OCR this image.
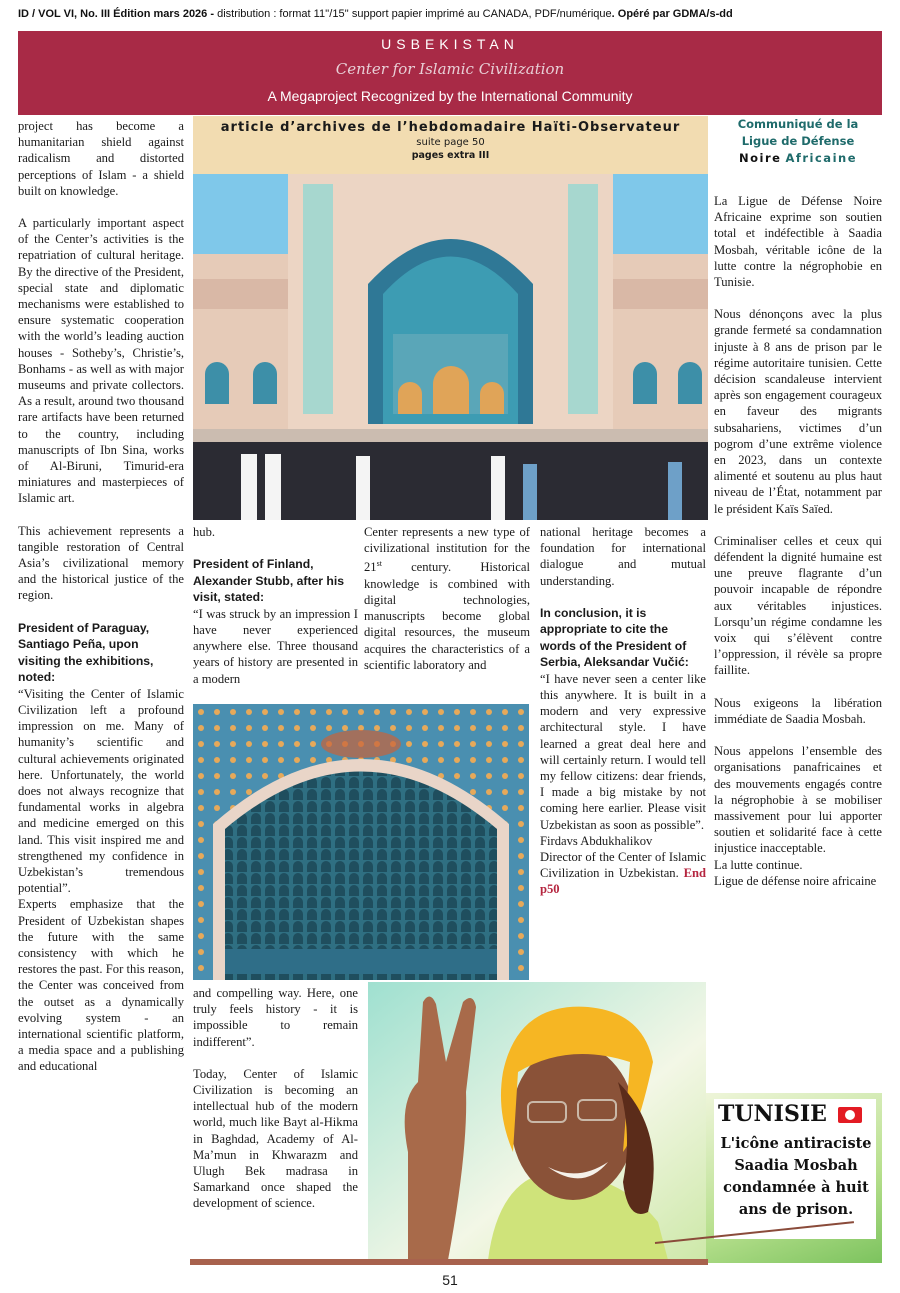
ID / VOL VI, No. III Édition mars 2026 - distribution : format 11''/15'' support papier imprimé au CANADA, PDF/numérique. Opéré par GDMA/s-dd
USBEKISTAN
Center for Islamic Civilization
A Megaproject Recognized by the International Community

project has become a humanitarian shield against radicalism and distorted perceptions of Islam - a shield built on knowledge.

A particularly important aspect of the Center’s activities is the repatriation of cultural heritage. By the directive of the President, special state and diplomatic mechanisms were established to ensure systematic cooperation with the world’s leading auction houses - Sotheby’s, Christie’s, Bonhams - as well as with major museums and private collectors. As a result, around two thousand rare artifacts have been returned to the country, including manuscripts of Ibn Sina, works of Al-Biruni, Timurid-era miniatures and masterpieces of Islamic art.

This achievement represents a tangible restoration of Central Asia’s civilizational memory and the historical justice of the region.

President of Paraguay, Santiago Peña, upon visiting the exhibitions, noted:

“Visiting the Center of Islamic Civilization left a profound impression on me. Many of humanity’s scientific and cultural achievements originated here. Unfortunately, the world does not always recognize that fundamental works in algebra and medicine emerged on this land. This visit inspired me and strengthened my confidence in Uzbekistan’s tremendous potential”.

Experts emphasize that the President of Uzbekistan shapes the future with the same consistency with which he restores the past. For this reason, the Center was conceived from the outset as a dynamically evolving system - an international scientific platform, a media space and a publishing and educational

article d’archives de l’hebdomadaire Haïti-Observateur
suite page 50
pages extra III

hub.

President of Finland, Alexander Stubb, after his visit, stated:

“I was struck by an impression I have never experienced anywhere else. Three thousand years of history are presented in a modern

Center represents a new type of civilizational institution for the 21st century. Historical knowledge is combined with digital technologies, manuscripts become global digital resources, the museum acquires the characteristics of a scientific laboratory and

national heritage becomes a foundation for international dialogue and mutual understanding.

In conclusion, it is appropriate to cite the words of the President of Serbia, Aleksandar Vučić:

“I have never seen a center like this anywhere. It is built in a modern and very expressive architectural style. I have learned a great deal here and will certainly return. I would tell my fellow citizens: dear friends, I made a big mistake by not coming here earlier. Please visit Uzbekistan as soon as possible”.

Firdavs Abdukhalikov
Director of the Center of Islamic Civilization in Uzbekistan. End p50

and compelling way. Here, one truly feels history - it is impossible to remain indifferent”.

Today, Center of Islamic Civilization is becoming an intellectual hub of the modern world, much like Bayt al-Hikma in Baghdad, Academy of Al-Ma’mun in Khwarazm and Ulugh Bek madrasa in Samarkand once shaped the development of science.

Communiqué de la
Ligue de Défense
Noire Africaine

La Ligue de Défense Noire Africaine exprime son soutien total et indéfectible à Saadia Mosbah, véritable icône de la lutte contre la négrophobie en Tunisie.

Nous dénonçons avec la plus grande fermeté sa condamnation injuste à 8 ans de prison par le régime autoritaire tunisien. Cette décision scandaleuse intervient après son engagement courageux en faveur des migrants subsahariens, victimes d’un pogrom d’une extrême violence en 2023, dans un contexte alimenté et soutenu au plus haut niveau de l’État, notamment par le président Kaïs Saïed.

Criminaliser celles et ceux qui défendent la dignité humaine est une preuve flagrante d’un pouvoir incapable de répondre aux véritables injustices. Lorsqu’un régime condamne les voix qui s’élèvent contre l’oppression, il révèle sa propre faillite.

Nous exigeons la libération immédiate de Saadia Mosbah.

Nous appelons l’ensemble des organisations panafricaines et des mouvements engagés contre la négrophobie à se mobiliser massivement pour lui apporter soutien et solidarité face à cette injustice inacceptable.

La lutte continue.
Ligue de défense noire africaine
TUNISIE
L'icône antiraciste Saadia Mosbah condamnée à huit ans de prison.
51
